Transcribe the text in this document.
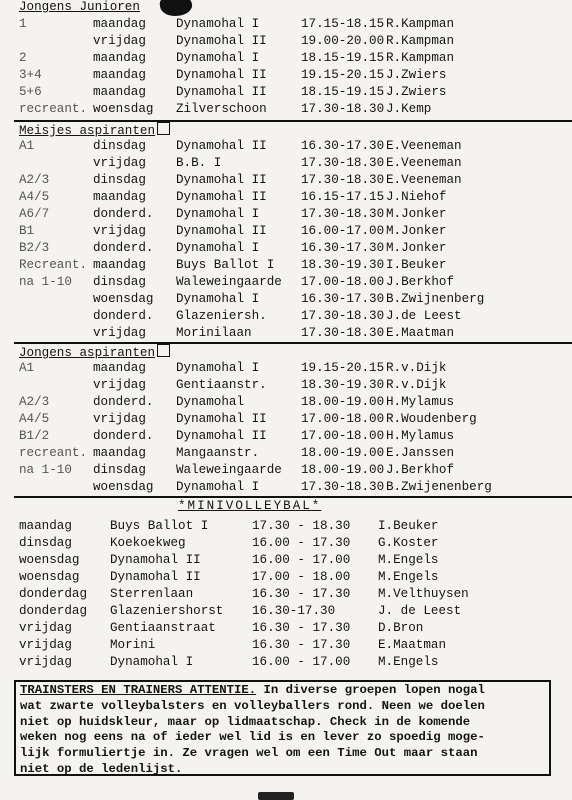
Jongens Junioren
1	maandag Dynamohal I	17.15-18.15 R.Kampman
vrijdag Dynamohal II	19.00-20.00 R.Kampman
2	maandag Dynamohal I	18.15-19.15 R.Kampman
3+4	maandag Dynamohal II	19.15-20.15 J.Zwiers
5+6	maandag Dynamohal II	18.15-19.15 J.Zwiers
recreant. woensdag Zilverschoon	17.30-18.30 J.Kemp
Meisjes aspiranten
A1	dinsdag Dynamohal II	16.30-17.30 E.Veeneman
vrijdag B.B. I	17.30-18.30 E.Veeneman
A2/3	dinsdag Dynamohal II	17.30-18.30 E.Veeneman
A4/5	maandag Dynamohal II	16.15-17.15 J.Niehof
A6/7	donderd. Dynamohal I	17.30-18.30 M.Jonker
B1	vrijdag Dynamohal II	16.00-17.00 M.Jonker
B2/3	donderd. Dynamohal I	16.30-17.30 M.Jonker
Recreant. maandag Buys Ballot I 18.30-19.30 I.Beuker
na 1-10 dinsdag Waleweingaarde 17.00-18.00 J.Berkhof
woensdag Dynamohal I	16.30-17.30 B.Zwijnenberg
donderd. Glazeniersh.	17.30-18.30 J.de Leest
vrijdag Morinilaan	17.30-18.30 E.Maatman
Jongens aspiranten
A1	maandag Dynamohal I	19.15-20.15 R.v.Dijk
vrijdag Gentiaanstr.	18.30-19.30 R.v.Dijk
A2/3	donderd. Dynamohal	18.00-19.00 H.Mylamus
A4/5	vrijdag Dynamohal II	17.00-18.00 R.Woudenberg
B1/2	donderd. Dynamohal II	17.00-18.00 H.Mylamus
recreant. maandag Mangaanstr.	18.00-19.00 E.Janssen
na 1-10 dinsdag Waleweingaarde 18.00-19.00 J.Berkhof
woensdag Dynamohal I	17.30-18.30 B.Zwijenenberg
*MINIVOLLEYBAL*
maandag	Buys Ballot I	17.30 - 18.30 I.Beuker
dinsdag	Koekoekweg	16.00 - 17.30 G.Koster
woensdag Dynamohal II	16.00 - 17.00 M.Engels
woensdag Dynamohal II	17.00 - 18.00 M.Engels
donderdag Sterrenlaan	16.30 - 17.30 M.Velthuysen
donderdag Glazeniershorst 16.30-17.30	J. de Leest
vrijdag	Gentiaanstraat	16.30 - 17.30 D.Bron
vrijdag	Morini	16.30 - 17.30 E.Maatman
vrijdag	Dynamohal I	16.00 - 17.00 M.Engels
TRAINSTERS EN TRAINERS ATTENTIE. In diverse groepen lopen nogal
wat zwarte volleybalsters en volleyballers rond. Neen we doelen
niet op huidskleur, maar op lidmaatschap. Check in de komende
weken nog eens na of ieder wel lid is en lever zo spoedig moge-
lijk formuliertje in. Ze vragen wel om een Time Out maar staan
niet op de ledenlijst.
